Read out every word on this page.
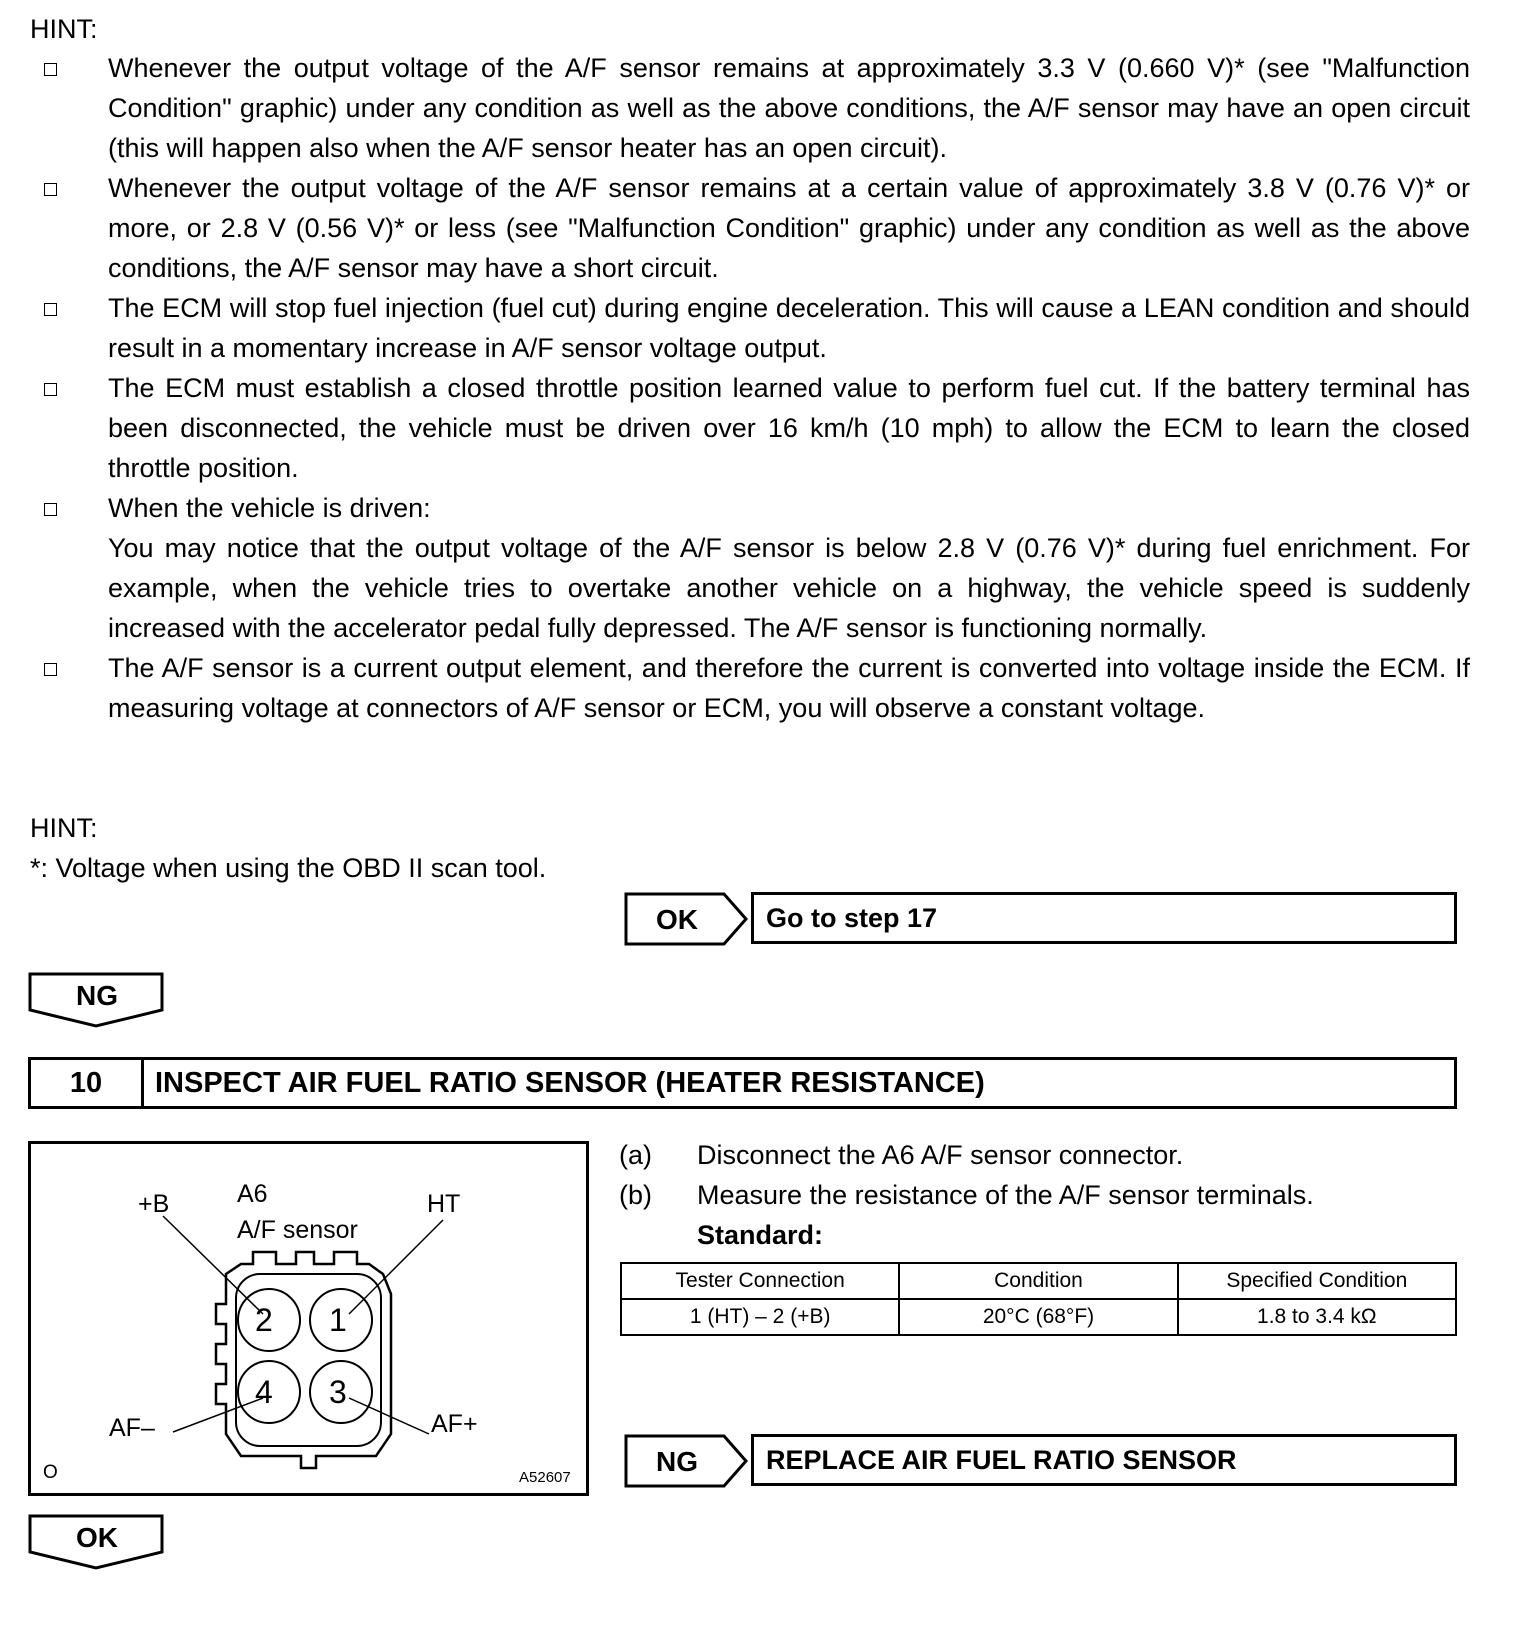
HINT:

Whenever the output voltage of the A/F sensor remains at approximately 3.3 V (0.660 V)* (see "Malfunction Condition" graphic) under any condition as well as the above conditions, the A/F sensor may have an open circuit (this will happen also when the A/F sensor heater has an open circuit).

Whenever the output voltage of the A/F sensor remains at a certain value of approximately 3.8 V (0.76 V)* or more, or 2.8 V (0.56 V)* or less (see "Malfunction Condition" graphic) under any condition as well as the above conditions, the A/F sensor may have a short circuit.

The ECM will stop fuel injection (fuel cut) during engine deceleration. This will cause a LEAN condition and should result in a momentary increase in A/F sensor voltage output.

The ECM must establish a closed throttle position learned value to perform fuel cut. If the battery terminal has been disconnected, the vehicle must be driven over 16 km/h (10 mph) to allow the ECM to learn the closed throttle position.

When the vehicle is driven:

You may notice that the output voltage of the A/F sensor is below 2.8 V (0.76 V)* during fuel enrichment. For example, when the vehicle tries to overtake another vehicle on a highway, the vehicle speed is suddenly increased with the accelerator pedal fully depressed. The A/F sensor is functioning normally.

The A/F sensor is a current output element, and therefore the current is converted into voltage inside the ECM. If measuring voltage at connectors of A/F sensor or ECM, you will observe a constant voltage.

HINT:
*: Voltage when using the OBD II scan tool.
OK	Go to step 17
NG
10	INSPECT AIR FUEL RATIO SENSOR (HEATER RESISTANCE)
+B	A6
A/F sensor
HT
AF–	AF+
2 1
4 3
O	A52607
(a) Disconnect the A6 A/F sensor connector.
(b) Measure the resistance of the A/F sensor terminals.
Standard:
Tester Connection	Condition	Specified Condition
1 (HT) – 2 (+B)	20°C (68°F)	1.8 to 3.4 kΩ
NG	REPLACE AIR FUEL RATIO SENSOR
OK
